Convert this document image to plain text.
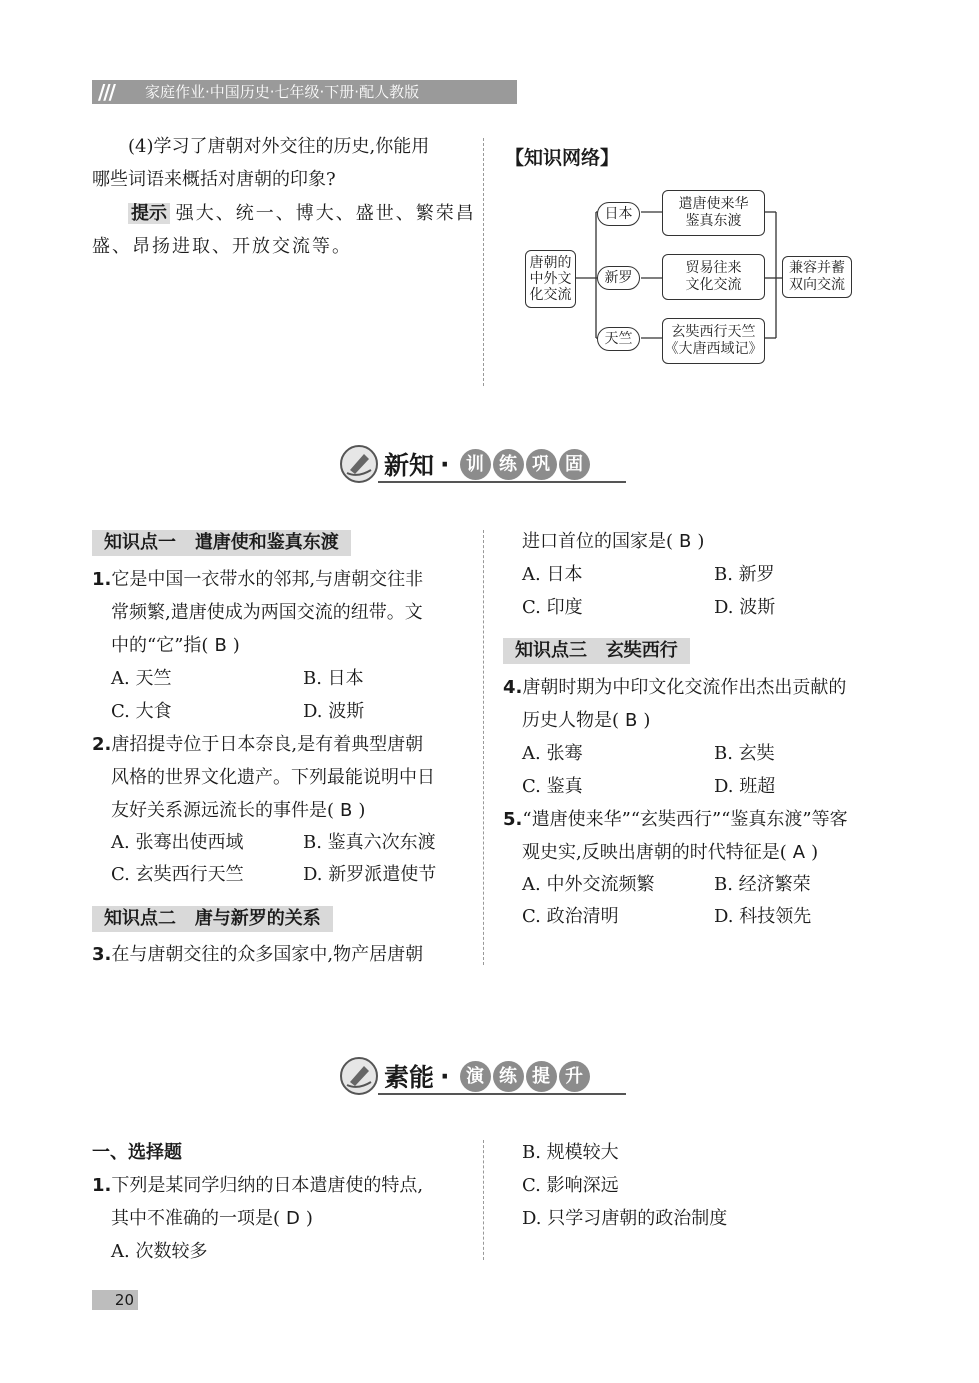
/// 家庭作业·中国历史·七年级·下册·配人教版

(4)学习了唐朝对外交往的历史,你能用

哪些词语来概括对唐朝的印象?

提示 强大、统一、博大、盛世、繁荣昌

盛、昂扬进取、开放交流等。

【知识网络】
唐朝的
中外文
化交流
日本
新罗
天竺
遣唐使来华
鉴真东渡
贸易往来
文化交流
玄奘西行天竺
《大唐西域记》
兼容并蓄
双向交流
新知 · 训 练 巩 固
知识点一 遣唐使和鉴真东渡

1.它是中国一衣带水的邻邦,与唐朝交往非

常频繁,遣唐使成为两国交流的纽带。文

中的“它”指( B )

A. 天竺	B. 日本
C. 大食	D. 波斯

2.唐招提寺位于日本奈良,是有着典型唐朝

风格的世界文化遗产。下列最能说明中日

友好关系源远流长的事件是( B )

A. 张骞出使西域	B. 鉴真六次东渡
C. 玄奘西行天竺	D. 新罗派遣使节
知识点二 唐与新罗的关系

3.在与唐朝交往的众多国家中,物产居唐朝

进口首位的国家是( B )

A. 日本	B. 新罗
C. 印度	D. 波斯
知识点三 玄奘西行

4.唐朝时期为中印文化交流作出杰出贡献的

历史人物是( B )

A. 张骞	B. 玄奘
C. 鉴真	D. 班超

5.“遣唐使来华”“玄奘西行”“鉴真东渡”等客

观史实,反映出唐朝的时代特征是( A )

A. 中外交流频繁	B. 经济繁荣
C. 政治清明	D. 科技领先
素能 · 演 练 提 升

一、选择题

1.下列是某同学归纳的日本遣唐使的特点,

其中不准确的一项是( D )

A. 次数较多
B. 规模较大
C. 影响深远
D. 只学习唐朝的政治制度
20
